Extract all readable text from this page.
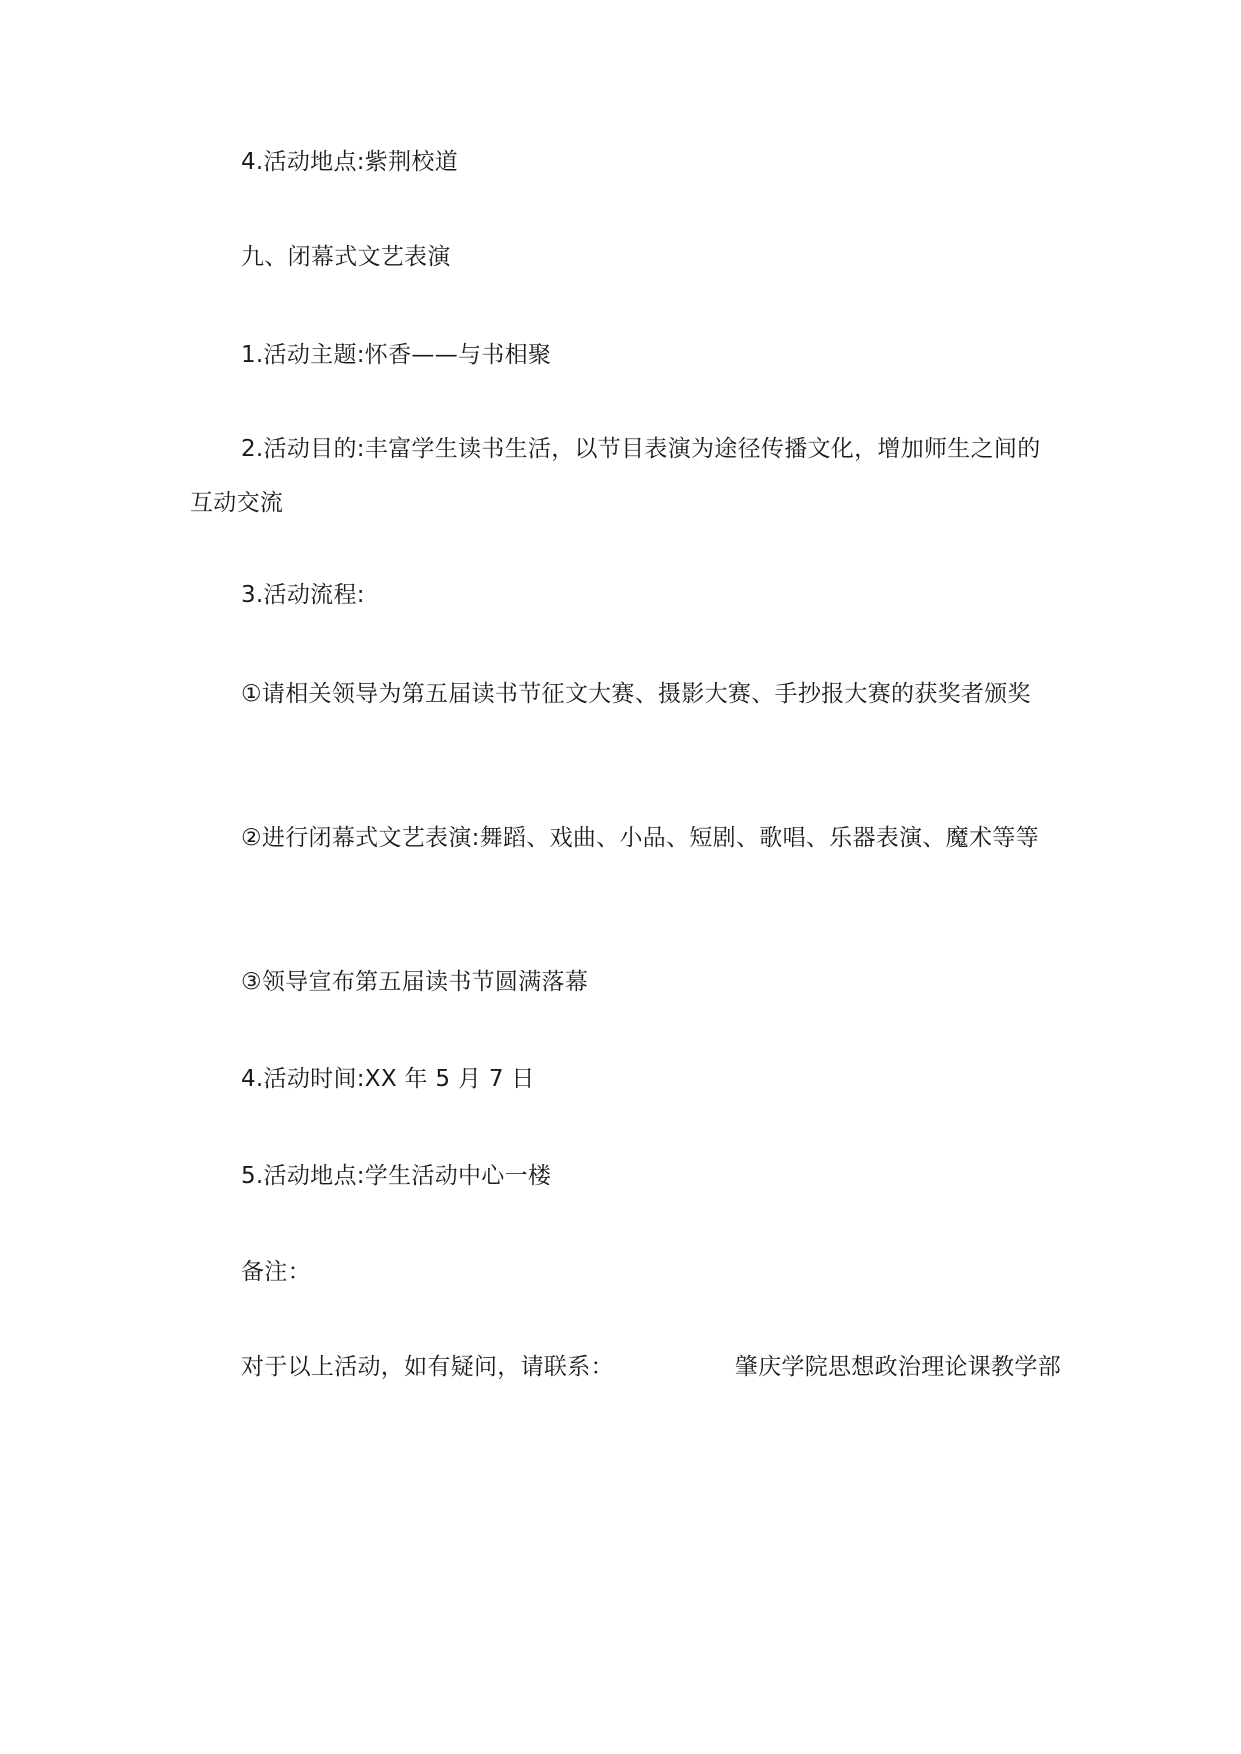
4.活动地点:紫荆校道

九、闭幕式文艺表演

1.活动主题:怀香——与书相聚

2.活动目的:丰富学生读书生活，以节目表演为途径传播文化，增加师生之间的互动交流

3.活动流程:

①请相关领导为第五届读书节征文大赛、摄影大赛、手抄报大赛的获奖者颁奖

②进行闭幕式文艺表演:舞蹈、戏曲、小品、短剧、歌唱、乐器表演、魔术等等

③领导宣布第五届读书节圆满落幕

4.活动时间:XX 年 5 月 7 日

5.活动地点:学生活动中心一楼

备注：

对于以上活动，如有疑问，请联系：	肇庆学院思想政治理论课教学部
